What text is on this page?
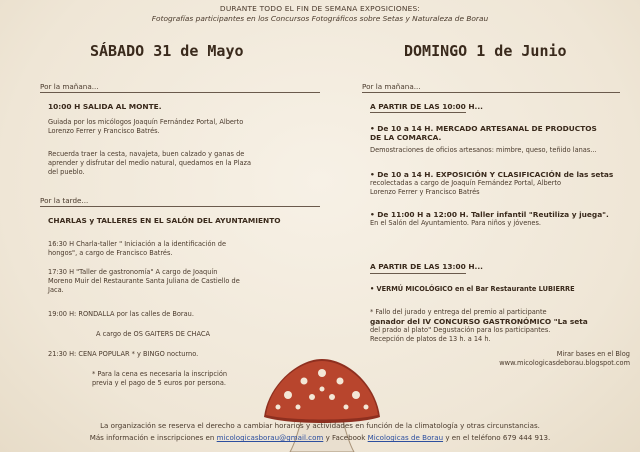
DURANTE TODO EL FIN DE SEMANA EXPOSICIONES:
Fotografías participantes en los Concursos Fotográficos sobre Setas y Naturaleza de Borau
SÁBADO 31 de Mayo
Por la mañana...
10:00 H SALIDA AL MONTE.
Guiada por los micólogos Joaquín Fernández Portal, Alberto
Lorenzo Ferrer y Francisco Batrés.
Recuerda traer la cesta, navajeta, buen calzado y ganas de
aprender y disfrutar del medio natural, quedamos en la Plaza
del pueblo.
Por la tarde...
CHARLAS y TALLERES EN EL SALÓN DEL AYUNTAMIENTO
16:30 H Charla-taller " Iniciación a la identificación de
hongos", a cargo de Francisco Batrés.
17:30 H "Taller de gastronomía" A cargo de Joaquín
Moreno Muir del Restaurante Santa Juliana de Castiello de
Jaca.
19:00 H: RONDALLA por las calles de Borau.
A cargo de OS GAITERS DE CHACA
21:30 H: CENA POPULAR * y BINGO nocturno.
* Para la cena es necesaria la inscripción
previa y el pago de 5 euros por persona.
DOMINGO 1 de Junio
Por la mañana...
A PARTIR DE LAS 10:00 H...
• De 10 a 14 H. MERCADO ARTESANAL DE PRODUCTOS
DE LA COMARCA.
Demostraciones de oficios artesanos: mimbre, queso, teñido lanas...
• De 10 a 14 H. EXPOSICIÓN Y CLASIFICACIÓN de las setas
recolectadas a cargo de Joaquín Fernández Portal, Alberto
Lorenzo Ferrer y Francisco Batrés
• De 11:00 H a 12:00 H. Taller infantil "Reutiliza y juega".
En el Salón del Ayuntamiento. Para niños y jóvenes.
A PARTIR DE LAS 13:00 H...
• VERMÚ MICOLÓGICO en el Bar Restaurante LUBIERRE
* Fallo del jurado y entrega del premio al participante
ganador del IV CONCURSO GASTRONÓMICO "La seta
del prado al plato" Degustación para los participantes.
Recepción de platos de 13 h. a 14 h.
Mirar bases en el Blog
www.micologicasdeborau.blogspot.com
La organización se reserva el derecho a cambiar horarios y actividades en función de la climatología y otras circunstancias.
Más información e inscripciones en micologicasborau@gmail.com y Facebook Micologicas de Borau y en el teléfono 679 444 913.
